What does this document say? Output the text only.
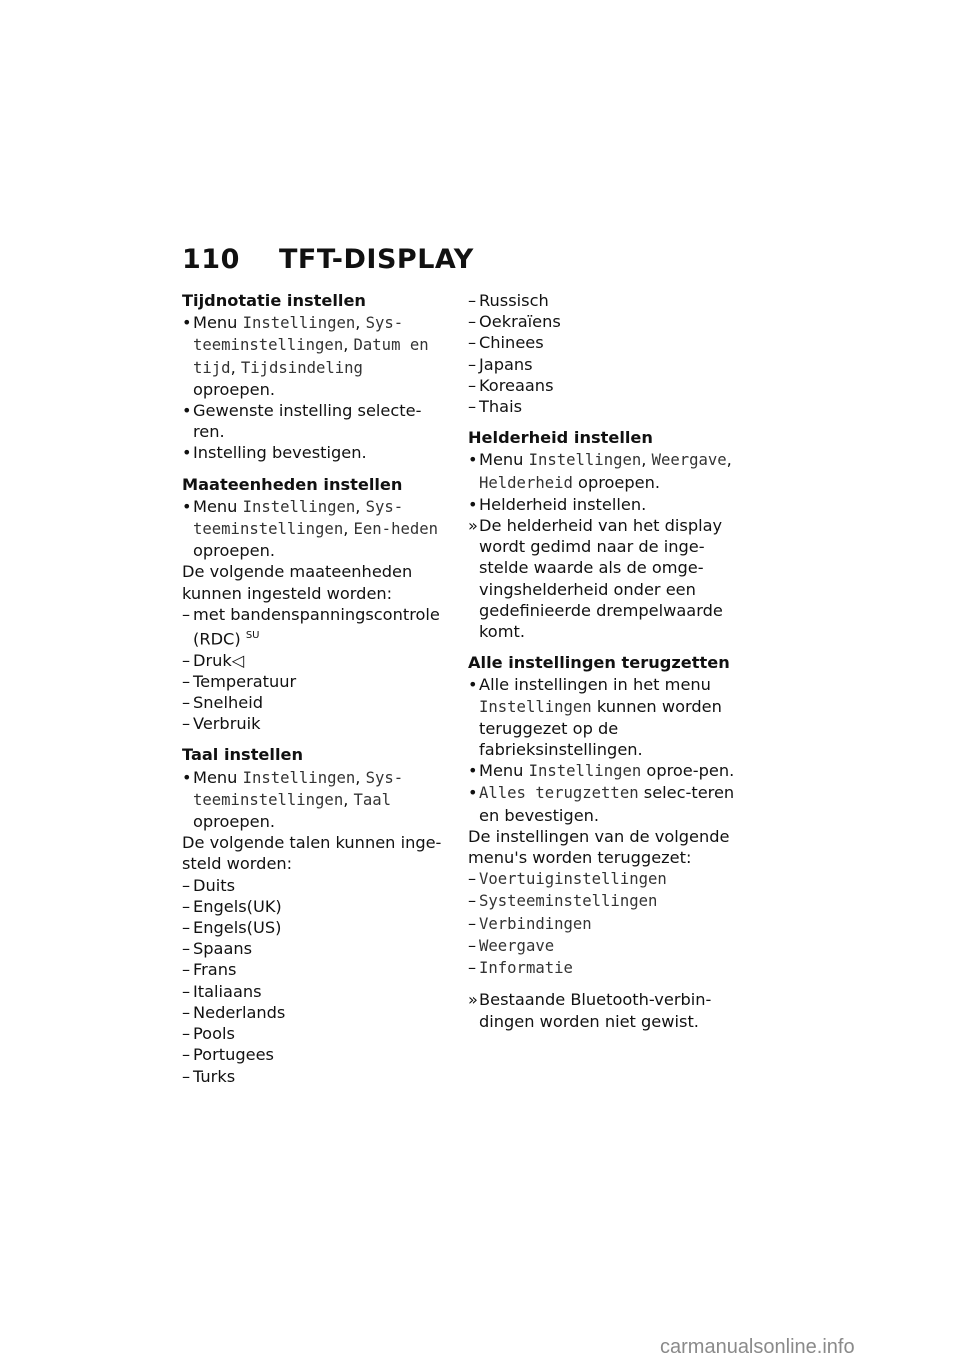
110 TFT-DISPLAY
Tijdnotatie instellen
• Menu Instellingen, Sys-teeminstellingen, Datum en tijd, Tijdsindeling oproepen.
• Gewenste instelling selecte-ren.
• Instelling bevestigen.
Maateenheden instellen
• Menu Instellingen, Sys-teeminstellingen, Een-heden oproepen.

De volgende maateenheden kunnen ingesteld worden:

– met bandenspanningscontrole (RDC) $^{SU}$
– Druk◁
– Temperatuur
– Snelheid
– Verbruik
Taal instellen
• Menu Instellingen, Sys-teeminstellingen, Taal oproepen.

De volgende talen kunnen inge-steld worden:

– Duits
– Engels(UK)
– Engels(US)
– Spaans
– Frans
– Italiaans
– Nederlands
– Pools
– Portugees
– Turks
– Russisch
– Oekraïens
– Chinees
– Japans
– Koreaans
– Thais
Helderheid instellen
• Menu Instellingen, Weergave, Helderheid oproepen.
• Helderheid instellen.
» De helderheid van het display wordt gedimd naar de inge-stelde waarde als de omge-vingshelderheid onder een gedefinieerde drempelwaarde komt.
Alle instellingen terugzetten
• Alle instellingen in het menu Instellingen kunnen worden teruggezet op de fabrieksinstellingen.
• Menu Instellingen oproe-pen.
• Alles terugzetten selec-teren en bevestigen.

De instellingen van de volgende menu's worden teruggezet:

– Voertuiginstellingen
– Systeeminstellingen
– Verbindingen
– Weergave
– Informatie
» Bestaande Bluetooth-verbin-dingen worden niet gewist.
carmanualsonline.info
